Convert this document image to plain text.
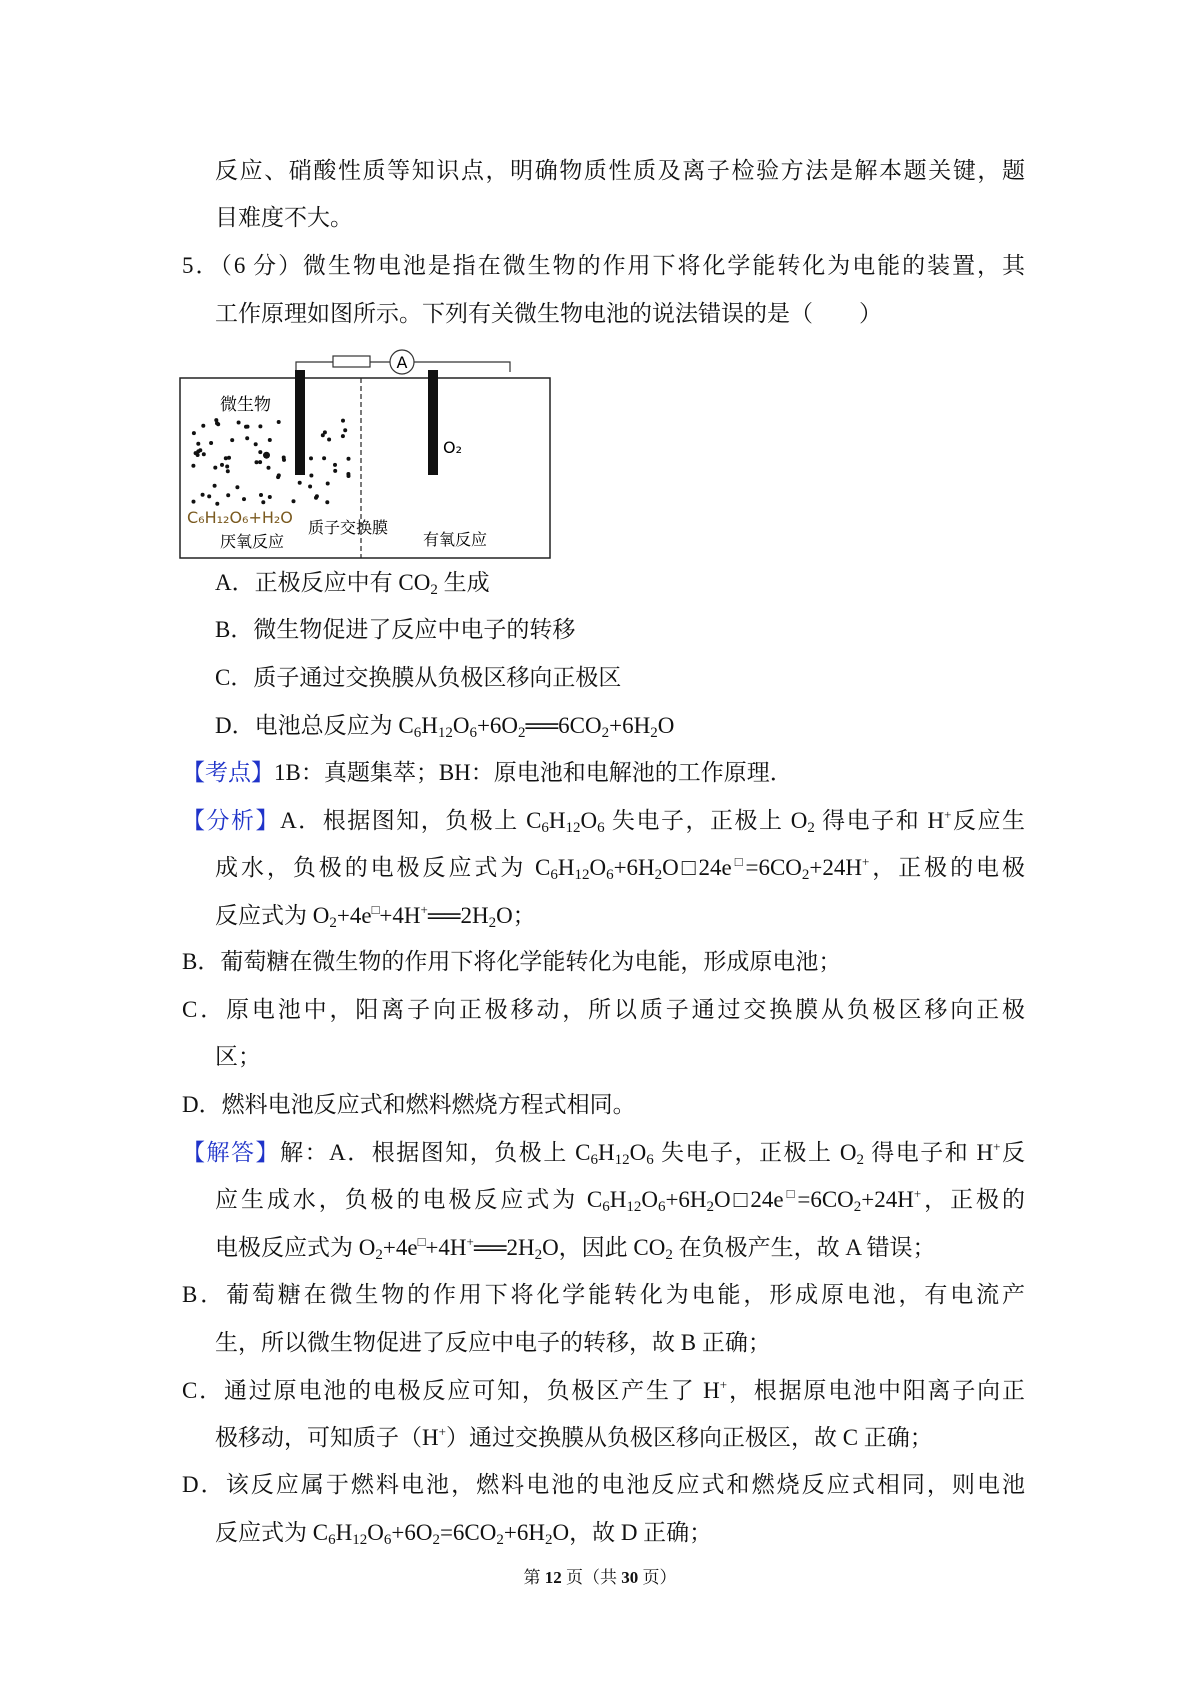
反应、硝酸性质等知识点，明确物质性质及离子检验方法是解本题关键，题
目难度不大。
5．（6 分）微生物电池是指在微生物的作用下将化学能转化为电能的装置，其
工作原理如图所示。下列有关微生物电池的说法错误的是（　　）
A．正极反应中有 $CO_2$ 生成
B．微生物促进了反应中电子的转移
C．质子通过交换膜从负极区移向正极区
D．电池总反应为 $C_6H_{12}O_6+6O_2══6CO_2+6H_2O$
【考点】1B：真题集萃；BH：原电池和电解池的工作原理．
【分析】A．根据图知，负极上 $C_6H_{12}O_6$ 失电子，正极上 $O_2$ 得电子和 H+反应生
成水，负极的电极反应式为 $C_6H_{12}O_6+6H_2O□24e^□=6CO_2+24H^+$，正极的电极
反应式为 $O_2+4e^□+4H^+══2H_2O$；
B．葡萄糖在微生物的作用下将化学能转化为电能，形成原电池；
C．原电池中，阳离子向正极移动，所以质子通过交换膜从负极区移向正极
区；
D．燃料电池反应式和燃料燃烧方程式相同。
【解答】解：A．根据图知，负极上 $C_6H_{12}O_6$ 失电子，正极上 $O_2$ 得电子和 H+反
应生成水，负极的电极反应式为 $C_6H_{12}O_6+6H_2O□24e^□=6CO_2+24H^+$，正极的
电极反应式为 $O_2+4e^□+4H^+══2H_2O$，因此 $CO_2$ 在负极产生，故 A 错误；
B．葡萄糖在微生物的作用下将化学能转化为电能，形成原电池，有电流产
生，所以微生物促进了反应中电子的转移，故 B 正确；
C．通过原电池的电极反应可知，负极区产生了 H+，根据原电池中阳离子向正
极移动，可知质子（H+）通过交换膜从负极区移向正极区，故 C 正确；
D．该反应属于燃料电池，燃料电池的电池反应式和燃烧反应式相同，则电池
反应式为 $C_6H_{12}O_6+6O_2=6CO_2+6H_2O$，故 D 正确；
A
微生物
O₂
C₆H₁₂O₆+H₂O
厌氧反应
质子交换膜
有氧反应
第 12 页（共 30 页）
